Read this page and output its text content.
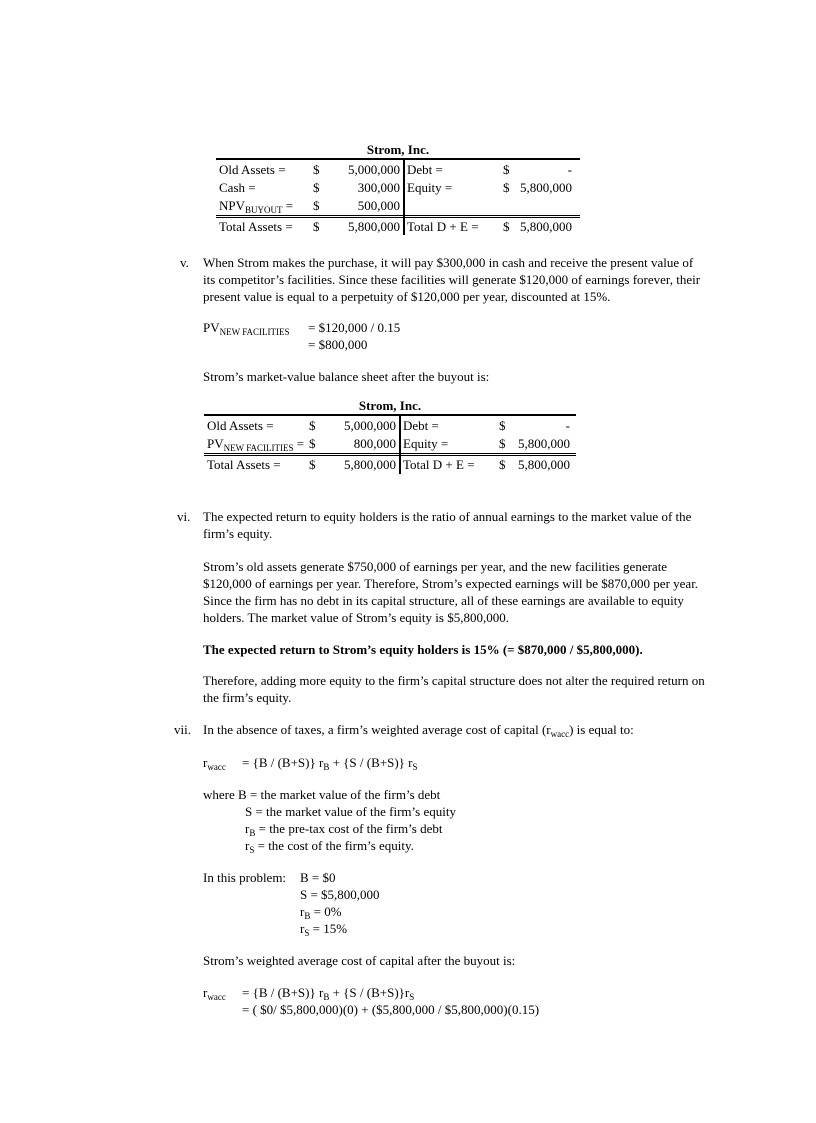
Strom, Inc.
Old Assets = $	5,000,000 Debt =	$	-
Cash =	$	300,000 Equity =	$ 5,800,000
$NPV_{BUYOUT}$ = $	500,000
Total Assets = $	5,800,000 Total D + E = $ 5,800,000
v. When Strom makes the purchase, it will pay $300,000 in cash and receive the present value of
its competitor’s facilities. Since these facilities will generate $120,000 of earnings forever, their
present value is equal to a perpetuity of $120,000 per year, discounted at 15%.
$PV_{NEW FACILITIES}$ = $120,000 / 0.15
= $800,000
Strom’s market-value balance sheet after the buyout is:
Strom, Inc.
Old Assets =	$	5,000,000 Debt =	$	-
$PV_{NEW FACILITIES}$ = $	800,000 Equity =	$ 5,800,000
Total Assets = $	5,800,000 Total D + E = $ 5,800,000
vi. The expected return to equity holders is the ratio of annual earnings to the market value of the
firm’s equity.
Strom’s old assets generate $750,000 of earnings per year, and the new facilities generate
$120,000 of earnings per year. Therefore, Strom’s expected earnings will be $870,000 per year.
Since the firm has no debt in its capital structure, all of these earnings are available to equity
holders. The market value of Strom’s equity is $5,800,000.
The expected return to Strom’s equity holders is 15% (= $870,000 / $5,800,000).
Therefore, adding more equity to the firm’s capital structure does not alter the required return on
the firm’s equity.
vii. In the absence of taxes, a firm’s weighted average cost of capital $(r_{wacc})$ is equal to:
$r_{wacc} = \{B / (B+S)\} r_B + \{S / (B+S)\}$ $r_S$
where B = the market value of the firm’s debt
S = the market value of the firm’s equity
$r_B$ = the pre-tax cost of the firm’s debt
$r_S$ = the cost of the firm’s equity.
In this problem: B = $0
S = $5,800,000
$r_B = 0\%$
$r_S = 15\%$
Strom’s weighted average cost of capital after the buyout is:
$r_{wacc} = \{B / (B+S)\} r_B + \{S / (B+S)\}r_S$
= ( $0/ $5,800,000)(0) + ($5,800,000 / $5,800,000)(0.15)
